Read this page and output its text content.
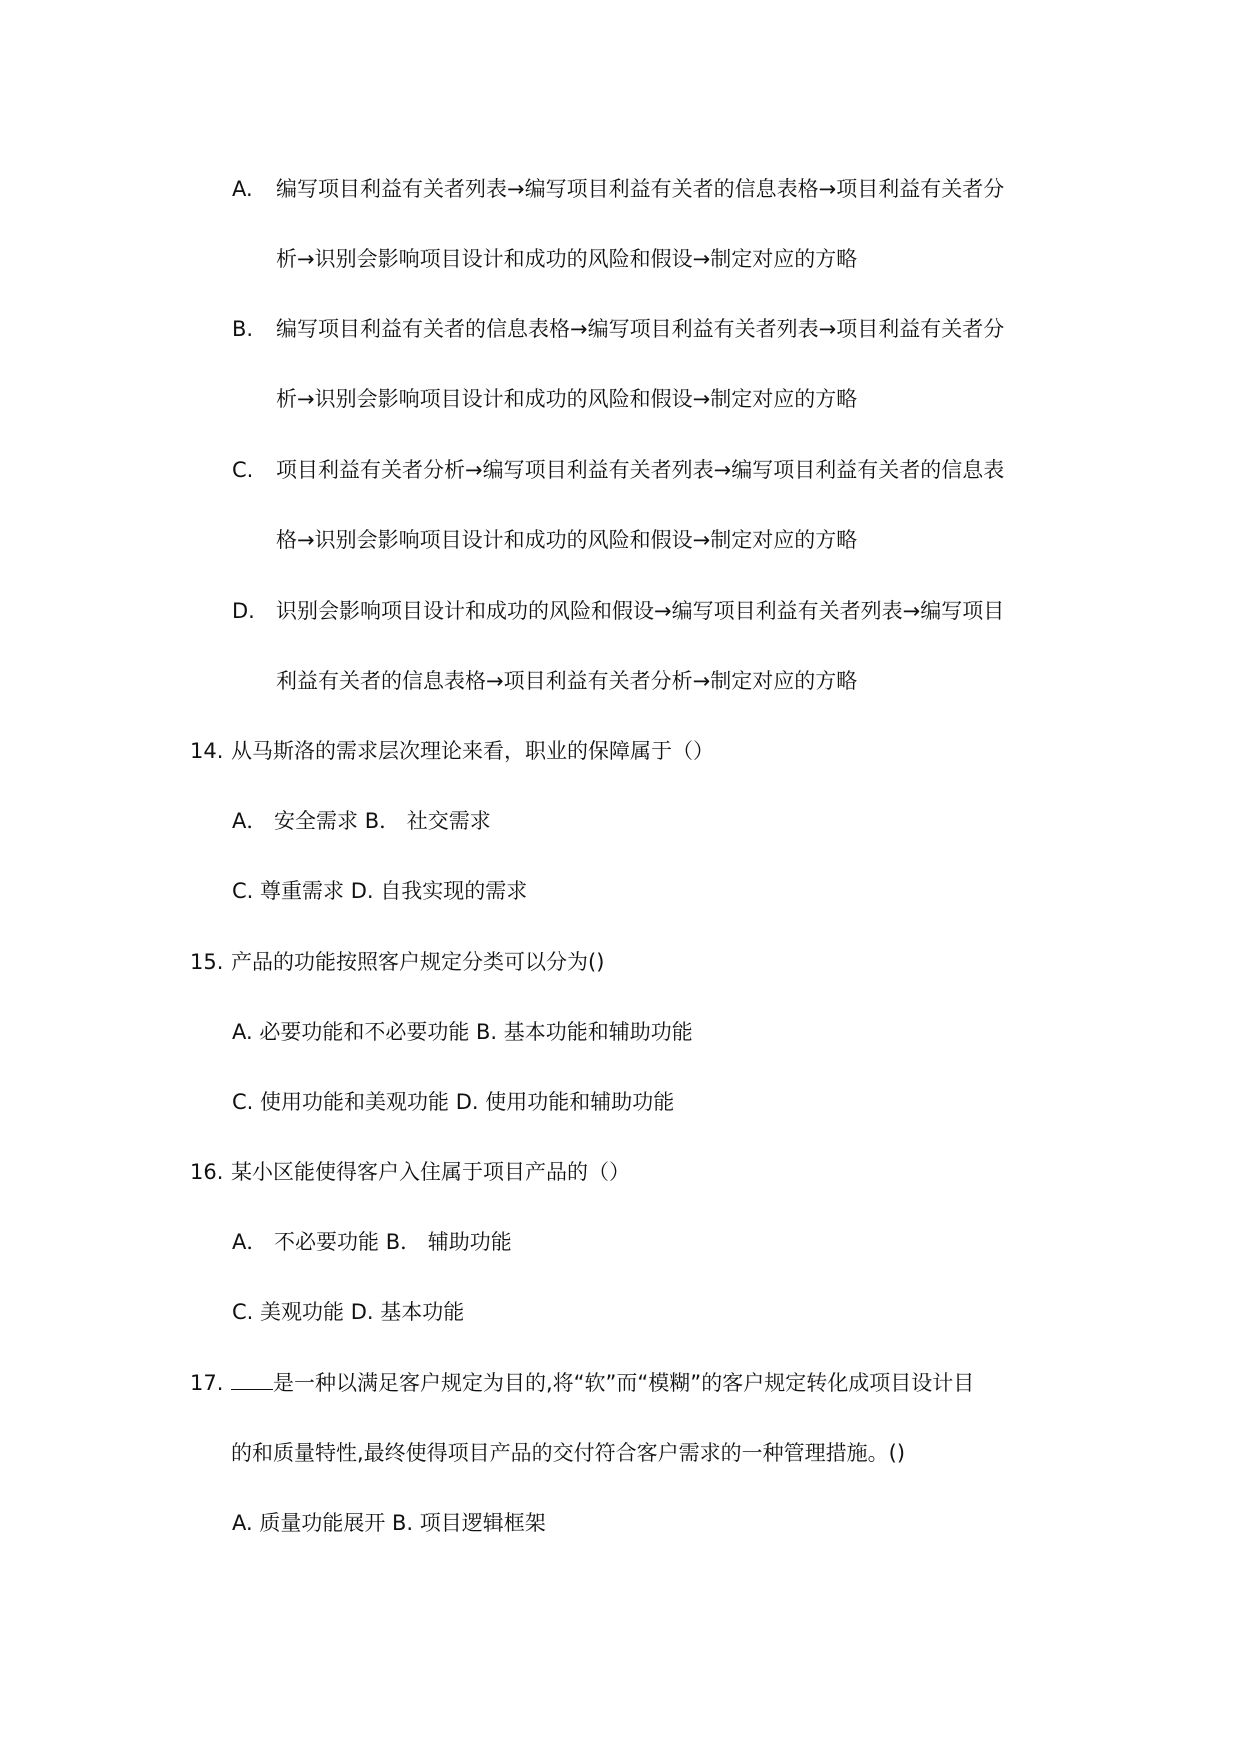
A. 编写项目利益有关者列表→编写项目利益有关者的信息表格→项目利益有关者分
析→识别会影响项目设计和成功的风险和假设→制定对应的方略
B. 编写项目利益有关者的信息表格→编写项目利益有关者列表→项目利益有关者分
析→识别会影响项目设计和成功的风险和假设→制定对应的方略
C. 项目利益有关者分析→编写项目利益有关者列表→编写项目利益有关者的信息表
格→识别会影响项目设计和成功的风险和假设→制定对应的方略
D. 识别会影响项目设计和成功的风险和假设→编写项目利益有关者列表→编写项目
利益有关者的信息表格→项目利益有关者分析→制定对应的方略
14. 从马斯洛的需求层次理论来看，职业的保障属于（）
A． 安全需求 B． 社交需求
C. 尊重需求 D. 自我实现的需求
15. 产品的功能按照客户规定分类可以分为()
A. 必要功能和不必要功能 B. 基本功能和辅助功能
C. 使用功能和美观功能 D. 使用功能和辅助功能
16. 某小区能使得客户入住属于项目产品的（）
A． 不必要功能 B． 辅助功能
C. 美观功能 D. 基本功能
17.	是一种以满足客户规定为目的,将“软”而“模糊”的客户规定转化成项目设计目
的和质量特性,最终使得项目产品的交付符合客户需求的一种管理措施。()
A. 质量功能展开 B. 项目逻辑框架
